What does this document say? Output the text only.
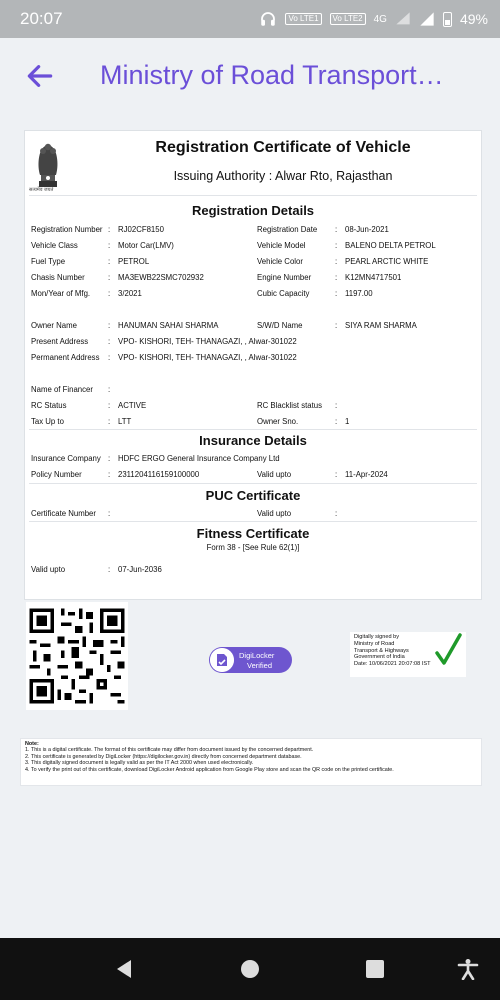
20:07	Vo LTE1	Vo LTE2	4G	49%
Ministry of Road Transport…
सत्यमेव जयते
Registration Certificate of Vehicle
Issuing Authority : Alwar Rto, Rajasthan
Registration Details
Registration Number : RJ02CF8150	Registration Date : 08-Jun-2021
Vehicle Class	: Motor Car(LMV)	Vehicle Model	: BALENO DELTA PETROL
Fuel Type	: PETROL	Vehicle Color	: PEARL ARCTIC WHITE
Chasis Number	: MA3EWB22SMC702932	Engine Number	: K12MN4717501
Mon/Year of Mfg. : 3/2021	Cubic Capacity	: 1197.00
Owner Name	: HANUMAN SAHAI SHARMA	S/W/D Name	: SIYA RAM SHARMA
Present Address	: VPO- KISHORI, TEH- THANAGAZI, , Alwar-301022
Permanent Address : VPO- KISHORI, TEH- THANAGAZI, , Alwar-301022
Name of Financer :
RC Status	: ACTIVE	RC Blacklist status :
Tax Up to	: LTT	Owner Sno.	: 1
Insurance Details
Insurance Company : HDFC ERGO General Insurance Company Ltd
Policy Number	: 2311204116159100000	Valid upto	: 11-Apr-2024
PUC Certificate
Certificate Number :	Valid upto	:
Fitness Certificate
Form 38 - [See Rule 62(1)]
Valid upto	: 07-Jun-2036
DigiLocker
Verified
Digitally signed by
Ministry of Road
Transport & Highways
Government of India
Date: 10/06/2021 20:07:08 IST
Note:
1. This is a digital certificate. The format of this certificate may differ from document issued by the concerned department.
2. This certificate is generated by DigiLocker (https://digilocker.gov.in) directly from concerned department database.
3. This digitally signed document is legally valid as per the IT Act 2000 when used electronically.
4. To verify the print out of this certificate, download DigiLocker Android application from Google Play store and scan the QR code on the printed certificate.
